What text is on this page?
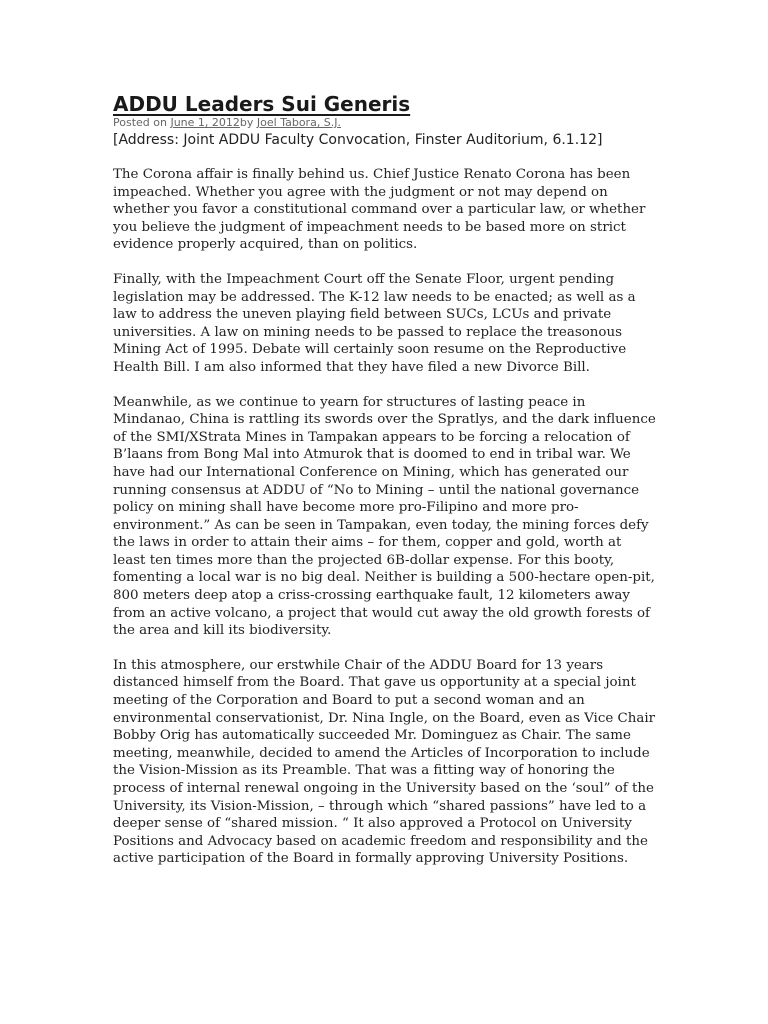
ADDU Leaders Sui Generis

Posted on June 1, 2012by Joel Tabora, S.J.

[Address: Joint ADDU Faculty Convocation, Finster Auditorium, 6.1.12]

The Corona affair is finally behind us. Chief Justice Renato Corona has been impeached. Whether you agree with the judgment or not may depend on whether you favor a constitutional command over a particular law, or whether you believe the judgment of impeachment needs to be based more on strict evidence properly acquired, than on politics.

Finally, with the Impeachment Court off the Senate Floor, urgent pending legislation may be addressed. The K-12 law needs to be enacted; as well as a law to address the uneven playing field between SUCs, LCUs and private universities. A law on mining needs to be passed to replace the treasonous Mining Act of 1995. Debate will certainly soon resume on the Reproductive Health Bill. I am also informed that they have filed a new Divorce Bill.

Meanwhile, as we continue to yearn for structures of lasting peace in Mindanao, China is rattling its swords over the Spratlys, and the dark influence of the SMI/XStrata Mines in Tampakan appears to be forcing a relocation of B’laans from Bong Mal into Atmurok that is doomed to end in tribal war. We have had our International Conference on Mining, which has generated our running consensus at ADDU of “No to Mining – until the national governance policy on mining shall have become more pro-Filipino and more pro-environment.” As can be seen in Tampakan, even today, the mining forces defy the laws in order to attain their aims – for them, copper and gold, worth at least ten times more than the projected 6B-dollar expense. For this booty, fomenting a local war is no big deal. Neither is building a 500-hectare open-pit, 800 meters deep atop a criss-crossing earthquake fault, 12 kilometers away from an active volcano, a project that would cut away the old growth forests of the area and kill its biodiversity.

In this atmosphere, our erstwhile Chair of the ADDU Board for 13 years distanced himself from the Board. That gave us opportunity at a special joint meeting of the Corporation and Board to put a second woman and an environmental conservationist, Dr. Nina Ingle, on the Board, even as Vice Chair Bobby Orig has automatically succeeded Mr. Dominguez as Chair. The same meeting, meanwhile, decided to amend the Articles of Incorporation to include the Vision-Mission as its Preamble. That was a fitting way of honoring the process of internal renewal ongoing in the University based on the ‘soul” of the University, its Vision-Mission, – through which “shared passions” have led to a deeper sense of “shared mission. “ It also approved a Protocol on University Positions and Advocacy based on academic freedom and responsibility and the active participation of the Board in formally approving University Positions.
